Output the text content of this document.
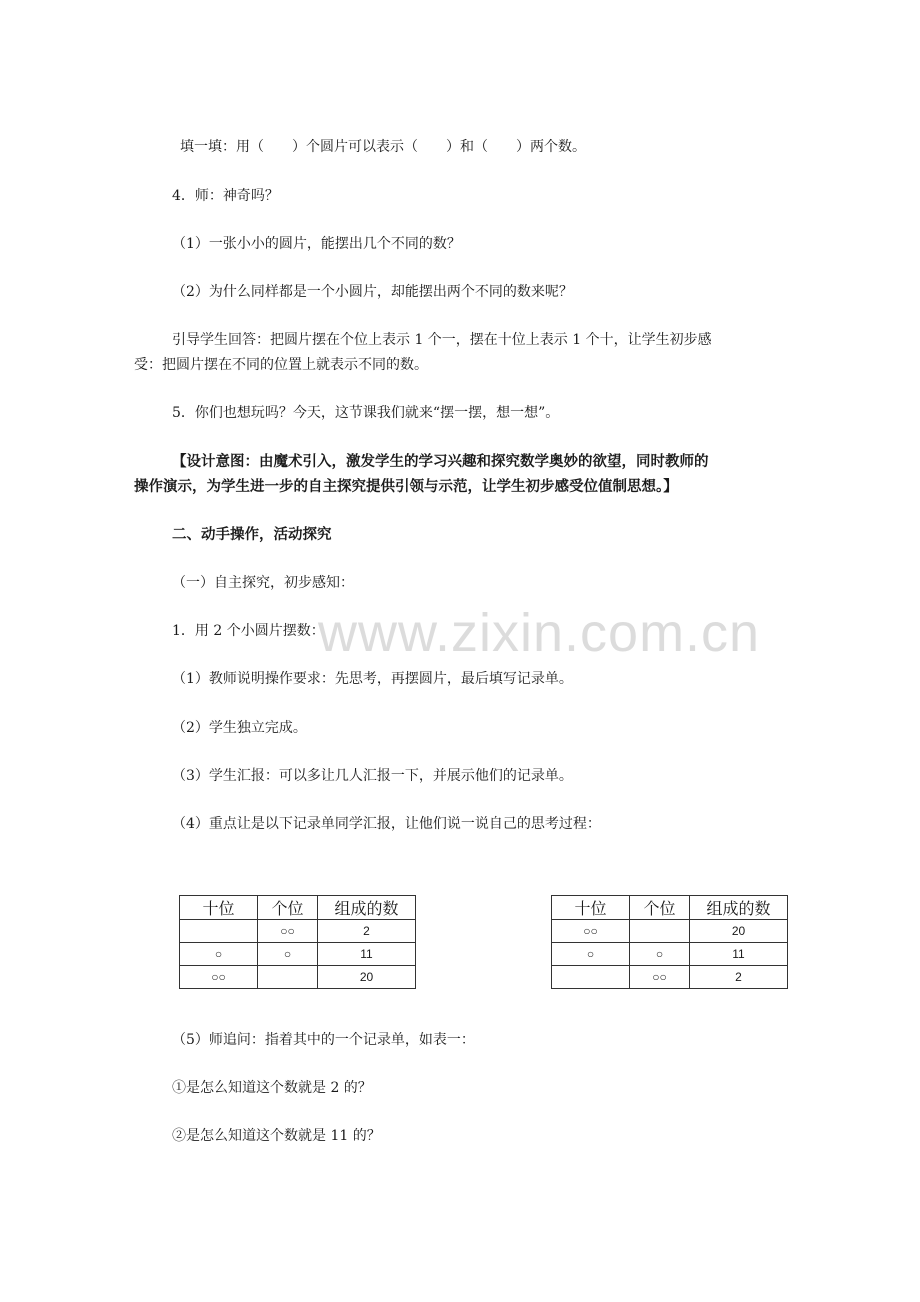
www.zixin.com.cn
填一填：用（　　）个圆片可以表示（　　）和（　　）两个数。
4．师：神奇吗？
（1）一张小小的圆片，能摆出几个不同的数？
（2）为什么同样都是一个小圆片，却能摆出两个不同的数来呢？
引导学生回答：把圆片摆在个位上表示 1 个一，摆在十位上表示 1 个十，让学生初步感
受：把圆片摆在不同的位置上就表示不同的数。
5．你们也想玩吗？今天，这节课我们就来“摆一摆，想一想”。
【设计意图：由魔术引入，激发学生的学习兴趣和探究数学奥妙的欲望，同时教师的
操作演示，为学生进一步的自主探究提供引领与示范，让学生初步感受位值制思想。】
二、动手操作，活动探究
（一）自主探究，初步感知：
1．用 2 个小圆片摆数：
（1）教师说明操作要求：先思考，再摆圆片，最后填写记录单。
（2）学生独立完成。
（3）学生汇报：可以多让几人汇报一下，并展示他们的记录单。
（4）重点让是以下记录单同学汇报，让他们说一说自己的思考过程：
十位	个位	组成的数
	○○	2
○	○	11
○○		20
十位	个位	组成的数
○○		20
○	○	11
	○○	2
（5）师追问：指着其中的一个记录单，如表一：
①是怎么知道这个数就是 2 的？
②是怎么知道这个数就是 11 的？
